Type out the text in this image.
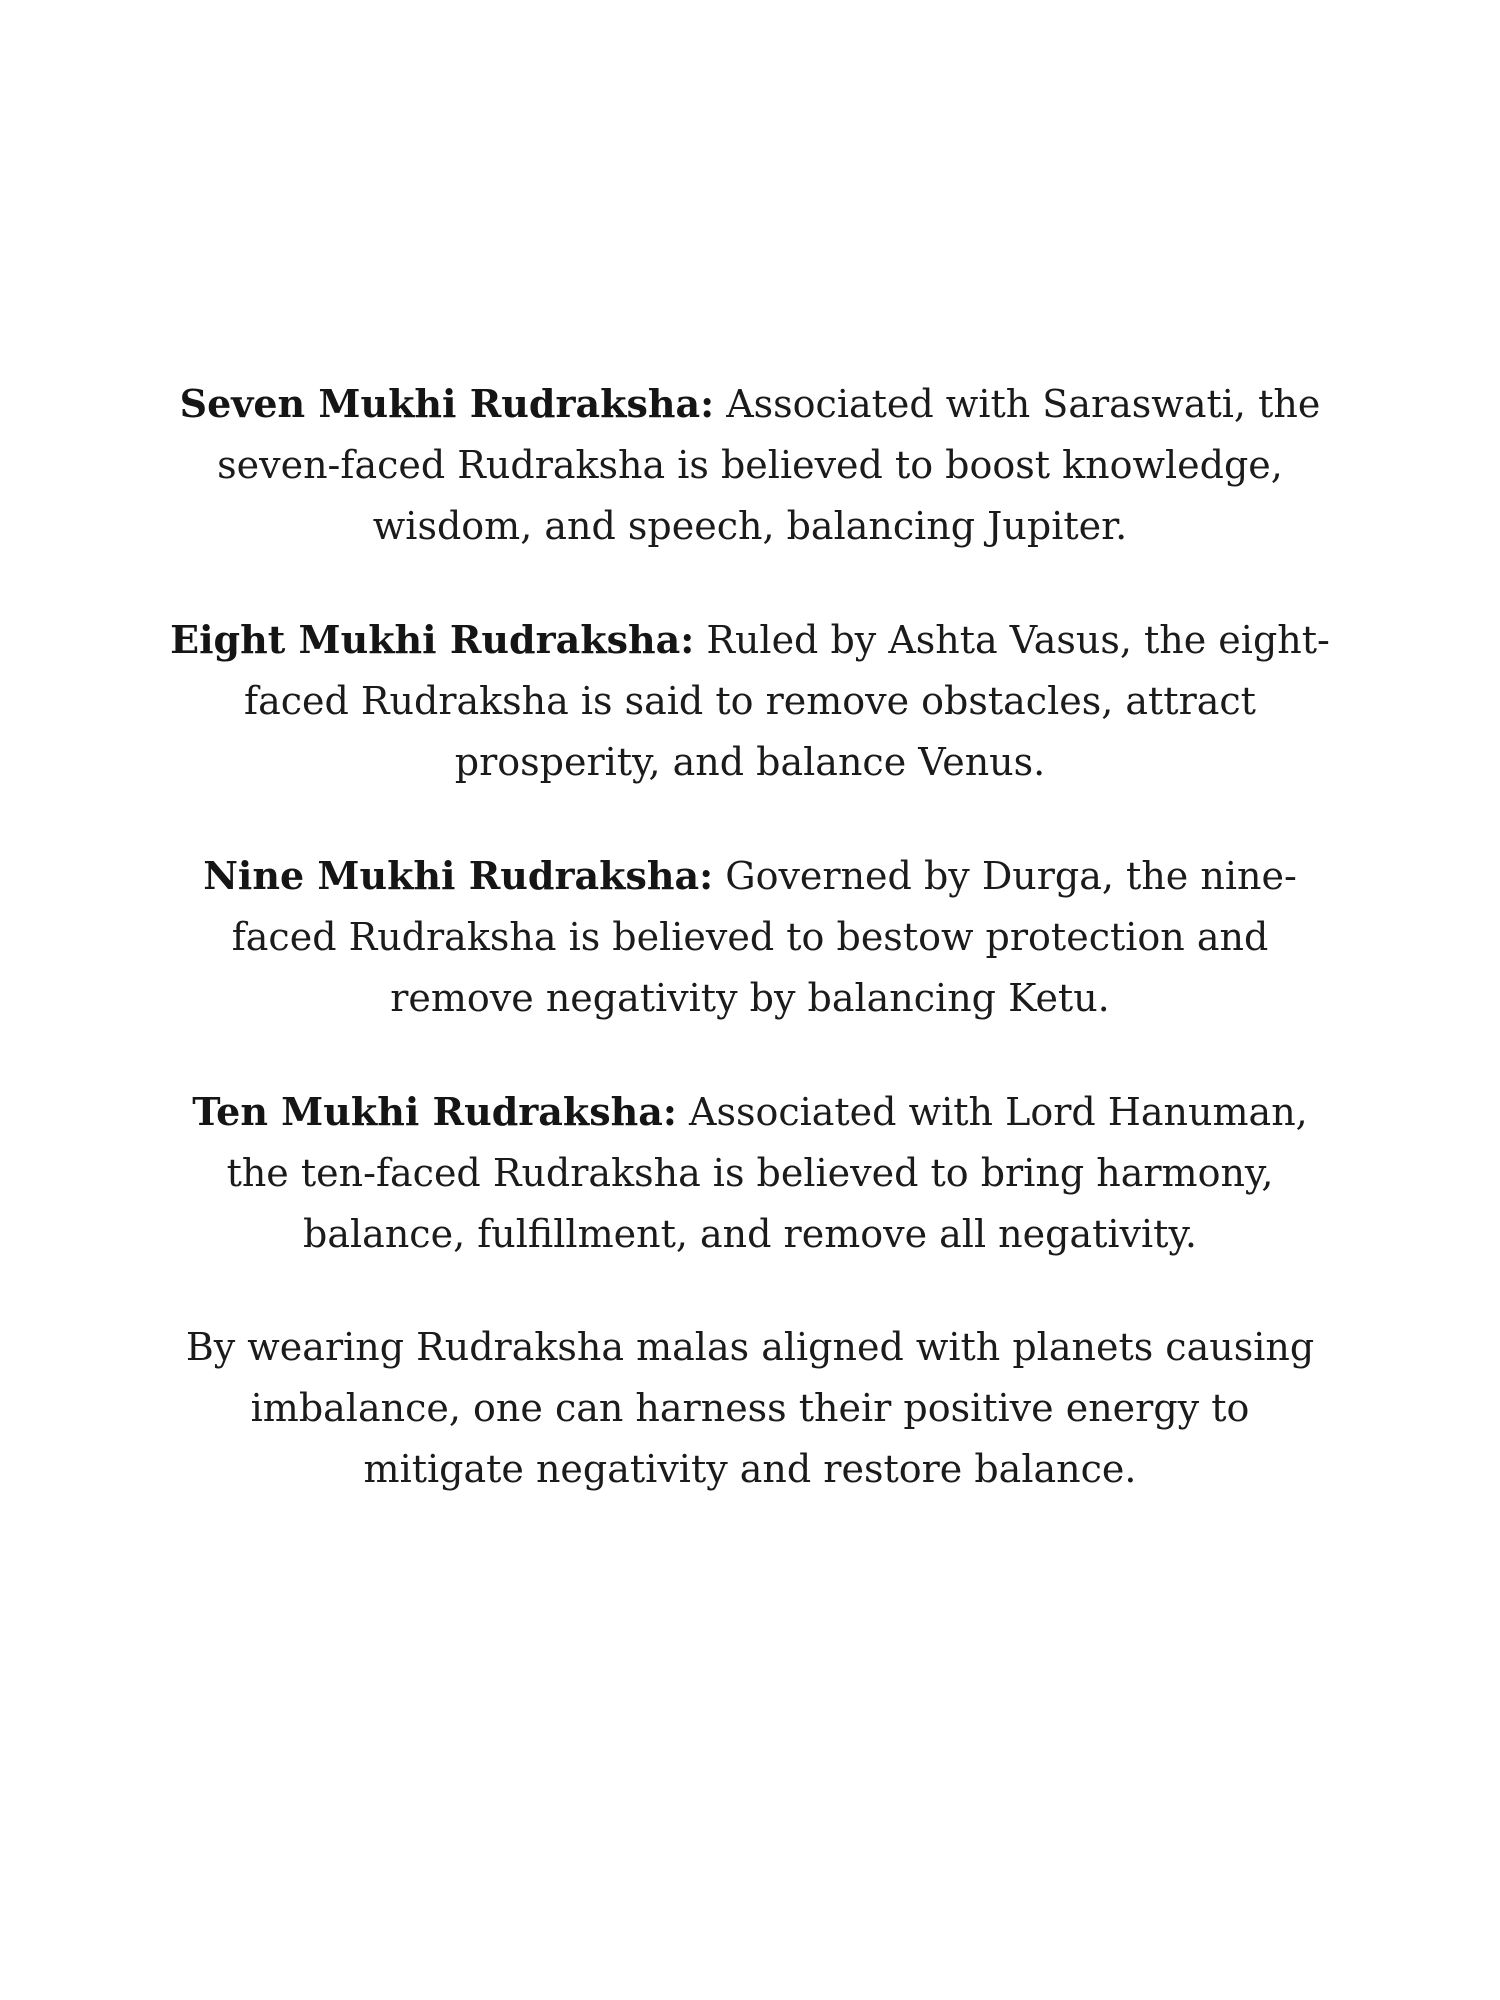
Seven Mukhi Rudraksha: Associated with Saraswati, the
seven-faced Rudraksha is believed to boost knowledge,
wisdom, and speech, balancing Jupiter.

Eight Mukhi Rudraksha: Ruled by Ashta Vasus, the eight-
faced Rudraksha is said to remove obstacles, attract
prosperity, and balance Venus.

Nine Mukhi Rudraksha: Governed by Durga, the nine-
faced Rudraksha is believed to bestow protection and
remove negativity by balancing Ketu.

Ten Mukhi Rudraksha: Associated with Lord Hanuman,
the ten-faced Rudraksha is believed to bring harmony,
balance, fulfillment, and remove all negativity.

By wearing Rudraksha malas aligned with planets causing
imbalance, one can harness their positive energy to
mitigate negativity and restore balance.
